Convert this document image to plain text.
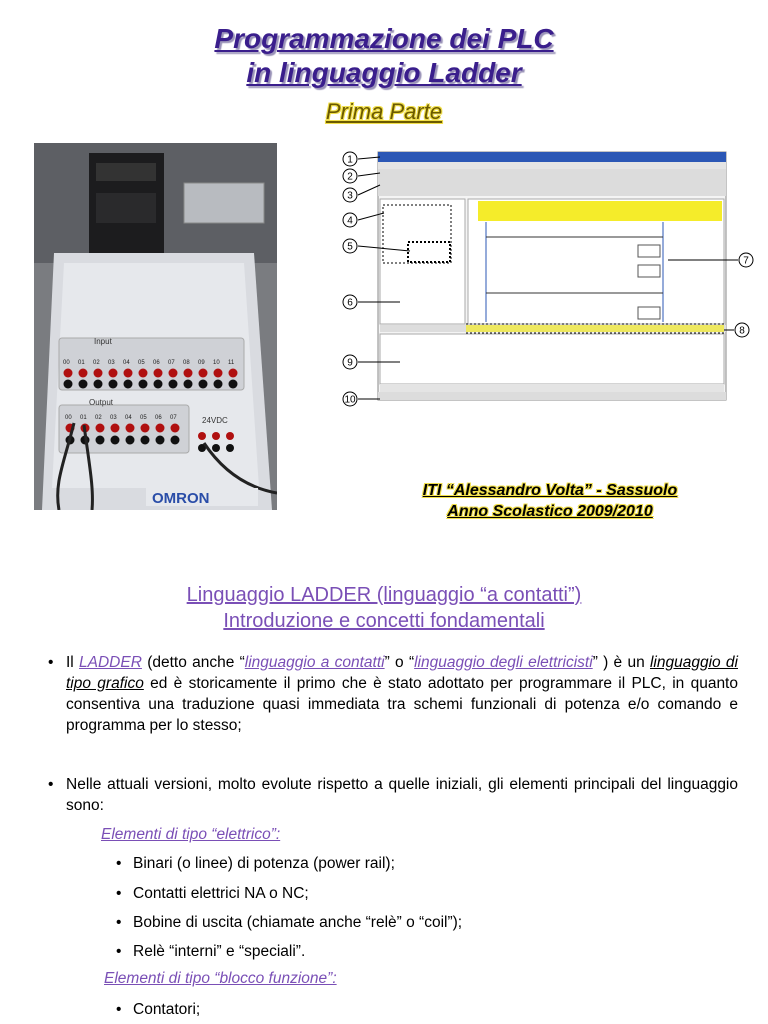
Programmazione dei PLC
in linguaggio Ladder
Prima Parte
Input
00 01 02 03 04 05 06 07 08 09 10 11
Output
00 01 02 03 04 05 06 07	24VDC
OMRON
1
2
3
4
5
6
7
8
9
10
ITI “Alessandro Volta” - Sassuolo
Anno Scolastico 2009/2010
Linguaggio LADDER (linguaggio “a contatti”)
Introduzione e concetti fondamentali
• Il LADDER (detto anche “linguaggio a contatti” o “linguaggio degli elettricisti” ) è un linguaggio di tipo grafico ed è storicamente il primo che è stato adottato per programmare il PLC, in quanto consentiva una traduzione quasi immediata tra schemi funzionali di potenza e/o comando e programma per lo stesso;
• Nelle attuali versioni, molto evolute rispetto a quelle iniziali, gli elementi principali del linguaggio sono:
Elementi di tipo “elettrico”:
• Binari (o linee) di potenza (power rail);
• Contatti elettrici NA o NC;
• Bobine di uscita (chiamate anche “relè” o “coil”);
• Relè “interni” e “speciali”.
Elementi di tipo “blocco funzione”:
• Contatori;
